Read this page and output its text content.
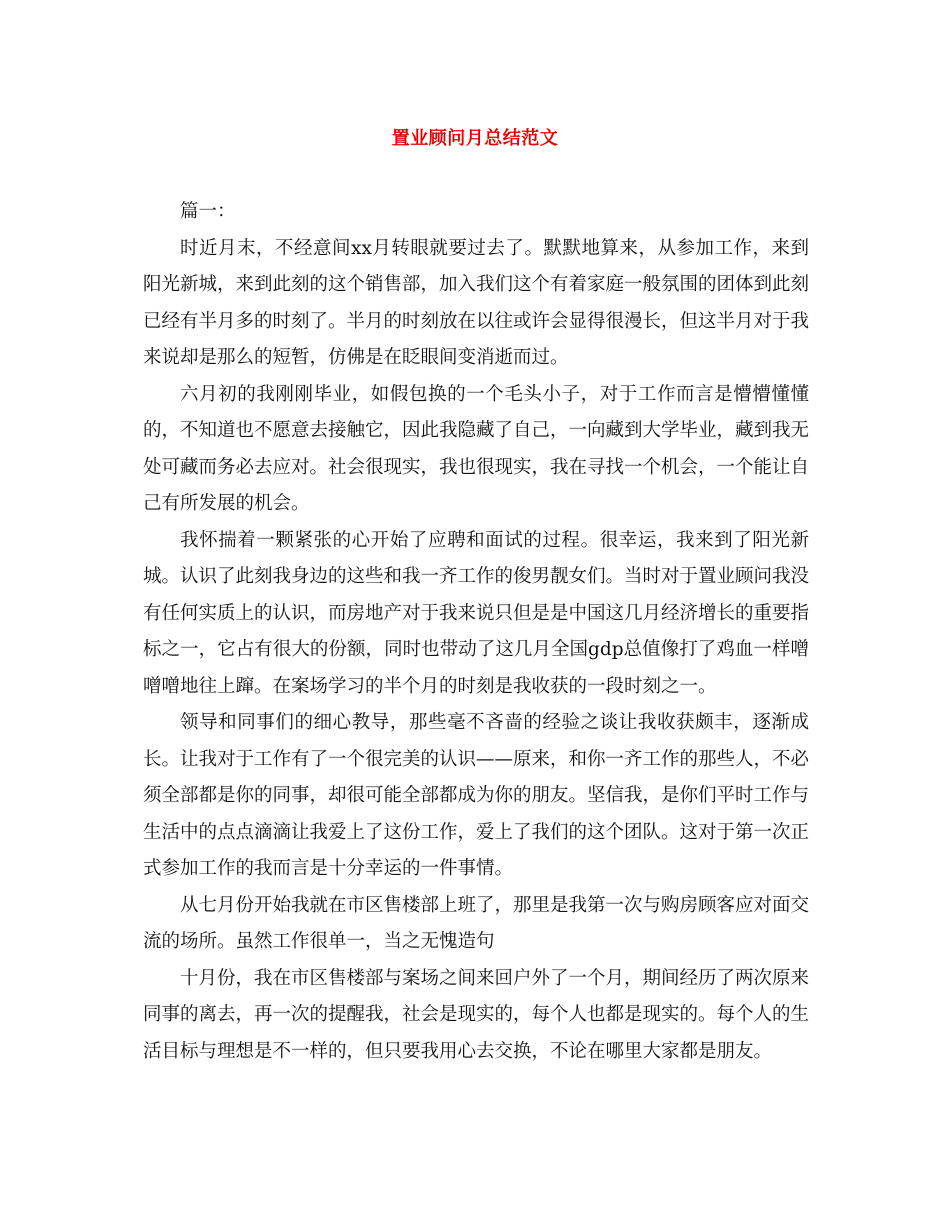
置业顾问月总结范文

篇一：

时近月末，不经意间xx月转眼就要过去了。默默地算来，从参加工作，来到阳光新城，来到此刻的这个销售部，加入我们这个有着家庭一般氛围的团体到此刻已经有半月多的时刻了。半月的时刻放在以往或许会显得很漫长，但这半月对于我来说却是那么的短暂，仿佛是在眨眼间变消逝而过。

六月初的我刚刚毕业，如假包换的一个毛头小子，对于工作而言是懵懵懂懂的，不知道也不愿意去接触它，因此我隐藏了自己，一向藏到大学毕业，藏到我无处可藏而务必去应对。社会很现实，我也很现实，我在寻找一个机会，一个能让自己有所发展的机会。

我怀揣着一颗紧张的心开始了应聘和面试的过程。很幸运，我来到了阳光新城。认识了此刻我身边的这些和我一齐工作的俊男靓女们。当时对于置业顾问我没有任何实质上的认识，而房地产对于我来说只但是是中国这几月经济增长的重要指标之一，它占有很大的份额，同时也带动了这几月全国gdp总值像打了鸡血一样噌噌噌地往上蹿。在案场学习的半个月的时刻是我收获的一段时刻之一。

领导和同事们的细心教导，那些毫不吝啬的经验之谈让我收获颇丰，逐渐成长。让我对于工作有了一个很完美的认识——原来，和你一齐工作的那些人，不必须全部都是你的同事，却很可能全部都成为你的朋友。坚信我，是你们平时工作与生活中的点点滴滴让我爱上了这份工作，爱上了我们的这个团队。这对于第一次正式参加工作的我而言是十分幸运的一件事情。

从七月份开始我就在市区售楼部上班了，那里是我第一次与购房顾客应对面交流的场所。虽然工作很单一，当之无愧造句

十月份，我在市区售楼部与案场之间来回户外了一个月，期间经历了两次原来同事的离去，再一次的提醒我，社会是现实的，每个人也都是现实的。每个人的生活目标与理想是不一样的，但只要我用心去交换，不论在哪里大家都是朋友。
